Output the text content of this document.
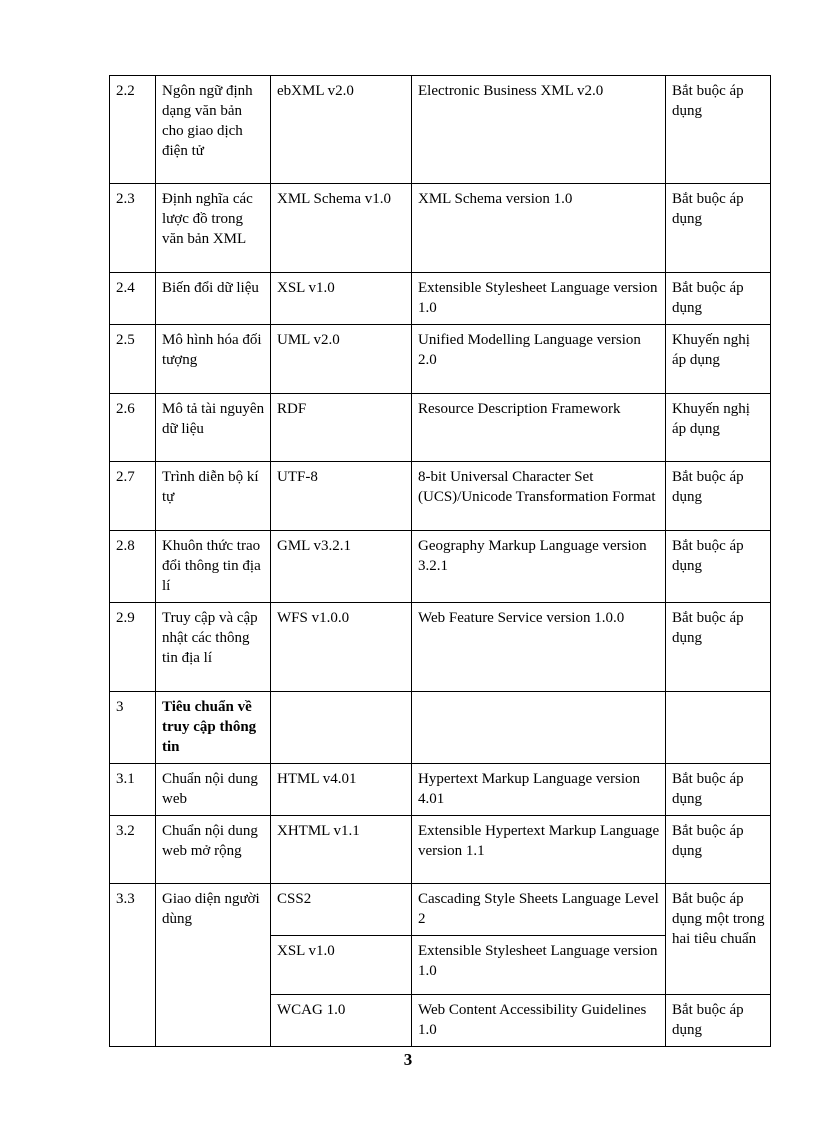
2.2	Ngôn ngữ định dạng văn bản cho giao dịch điện tử	ebXML v2.0	Electronic Business XML v2.0	Bắt buộc áp dụng
2.3	Định nghĩa các lược đồ trong văn bản XML	XML Schema v1.0	XML Schema version 1.0	Bắt buộc áp dụng
2.4	Biến đổi dữ liệu	XSL v1.0	Extensible Stylesheet Language version 1.0	Bắt buộc áp dụng
2.5	Mô hình hóa đối tượng	UML v2.0	Unified Modelling Language version 2.0	Khuyến nghị áp dụng
2.6	Mô tả tài nguyên dữ liệu	RDF	Resource Description Framework	Khuyến nghị áp dụng
2.7	Trình diễn bộ kí tự	UTF-8	8-bit Universal Character Set (UCS)/Unicode Transformation Format	Bắt buộc áp dụng
2.8	Khuôn thức trao đổi thông tin địa lí	GML v3.2.1	Geography Markup Language version 3.2.1	Bắt buộc áp dụng
2.9	Truy cập và cập nhật các thông tin địa lí	WFS v1.0.0	Web Feature Service version 1.0.0	Bắt buộc áp dụng
3	Tiêu chuẩn về truy cập thông tin			
3.1	Chuẩn nội dung web	HTML v4.01	Hypertext Markup Language version 4.01	Bắt buộc áp dụng
3.2	Chuẩn nội dung web mở rộng	XHTML v1.1	Extensible Hypertext Markup Language version 1.1	Bắt buộc áp dụng
3.3	Giao diện người dùng	CSS2	Cascading Style Sheets Language Level 2	Bắt buộc áp dụng một trong hai tiêu chuẩn
		XSL v1.0	Extensible Stylesheet Language version 1.0	
		WCAG 1.0	Web Content Accessibility Guidelines 1.0	Bắt buộc áp dụng
3
